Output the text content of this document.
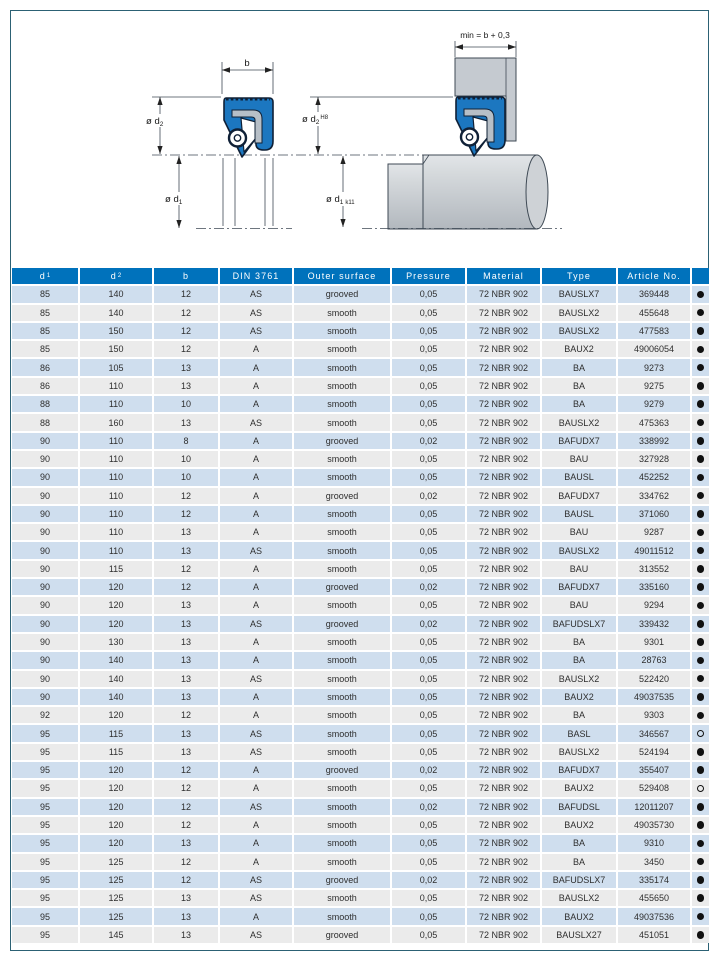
b
ø $d_2$
ø $d_1$
min = b + 0,3
ø $d_2^{H8}$
ø $d_1$ k11
d 1	d 2	b	DIN 3761	Outer surface	Pressure	Material	Type	Article No.
85	140	12	AS	grooved	0,05	72 NBR 902	BAUSLX7	369448
85	140	12	AS	smooth	0,05	72 NBR 902	BAUSLX2	455648
85	150	12	AS	smooth	0,05	72 NBR 902	BAUSLX2	477583
85	150	12	A	smooth	0,05	72 NBR 902	BAUX2	49006054
86	105	13	A	smooth	0,05	72 NBR 902	BA	9273
86	110	13	A	smooth	0,05	72 NBR 902	BA	9275
88	110	10	A	smooth	0,05	72 NBR 902	BA	9279
88	160	13	AS	smooth	0,05	72 NBR 902	BAUSLX2	475363
90	110	8	A	grooved	0,02	72 NBR 902	BAFUDX7	338992
90	110	10	A	smooth	0,05	72 NBR 902	BAU	327928
90	110	10	A	smooth	0,05	72 NBR 902	BAUSL	452252
90	110	12	A	grooved	0,02	72 NBR 902	BAFUDX7	334762
90	110	12	A	smooth	0,05	72 NBR 902	BAUSL	371060
90	110	13	A	smooth	0,05	72 NBR 902	BAU	9287
90	110	13	AS	smooth	0,05	72 NBR 902	BAUSLX2	49011512
90	115	12	A	smooth	0,05	72 NBR 902	BAU	313552
90	120	12	A	grooved	0,02	72 NBR 902	BAFUDX7	335160
90	120	13	A	smooth	0,05	72 NBR 902	BAU	9294
90	120	13	AS	grooved	0,02	72 NBR 902	BAFUDSLX7	339432
90	130	13	A	smooth	0,05	72 NBR 902	BA	9301
90	140	13	A	smooth	0,05	72 NBR 902	BA	28763
90	140	13	AS	smooth	0,05	72 NBR 902	BAUSLX2	522420
90	140	13	A	smooth	0,05	72 NBR 902	BAUX2	49037535
92	120	12	A	smooth	0,05	72 NBR 902	BA	9303
95	115	13	AS	smooth	0,05	72 NBR 902	BASL	346567
95	115	13	AS	smooth	0,05	72 NBR 902	BAUSLX2	524194
95	120	12	A	grooved	0,02	72 NBR 902	BAFUDX7	355407
95	120	12	A	smooth	0,05	72 NBR 902	BAUX2	529408
95	120	12	AS	smooth	0,02	72 NBR 902	BAFUDSL	12011207
95	120	12	A	smooth	0,05	72 NBR 902	BAUX2	49035730
95	120	13	A	smooth	0,05	72 NBR 902	BA	9310
95	125	12	A	smooth	0,05	72 NBR 902	BA	3450
95	125	12	AS	grooved	0,02	72 NBR 902	BAFUDSLX7	335174
95	125	13	AS	smooth	0,05	72 NBR 902	BAUSLX2	455650
95	125	13	A	smooth	0,05	72 NBR 902	BAUX2	49037536
95	145	13	AS	grooved	0,05	72 NBR 902	BAUSLX27	451051
